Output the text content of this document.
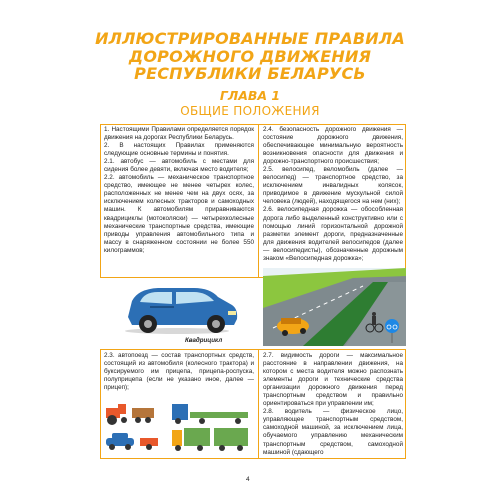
ИЛЛЮСТРИРОВАННЫЕ ПРАВИЛА
ДОРОЖНОГО ДВИЖЕНИЯ
РЕСПУБЛИКИ БЕЛАРУСЬ
ГЛАВА 1
ОБЩИЕ ПОЛОЖЕНИЯ

1. Настоящими Правилами определяется порядок движения на дорогах Республики Беларусь.

2. В настоящих Правилах применяются следующие основные термины и понятия.

2.1. автобус — автомобиль с местами для сидения более девяти, включая место водителя;

2.2. автомобиль — механическое транспортное средство, имеющее не менее четырех колес, расположенных не менее чем на двух осях, за исключением колесных тракторов и самоходных машин. К автомобилям приравниваются квадрициклы (мотоколяски) — четырехколесные механические транспортные средства, имеющие приводы управления автомобильного типа и массу в снаряженном состоянии не более 550 килограммов;

2.4. безопасность дорожного движения — состояние дорожного движения, обеспечивающее минимальную вероятность возникновения опасности для движения и дорожно-транспортного происшествия;

2.5. велосипед, веломобиль (далее — велосипед) — транспортное средство, за исключением инвалидных колясок, приводимое в движение мускульной силой человека (людей), находящегося на нем (них);

2.6. велосипедная дорожка — обособленная дорога либо выделенный конструктивно или с помощью линий горизонтальной дорожной разметки элемент дороги, предназначенные для движения водителей велосипедов (далее — велосипедисты), обозначенные дорожным знаком «Велосипедная дорожка»;

Квадрицикл

2.3. автопоезд — состав транспортных средств, состоящий из автомобиля (колесного трактора) и буксируемого им прицепа, прицепа-роспуска, полуприцепа (если не указано иное, далее — прицеп);

2.7. видимость дороги — максимальное расстояние в направлении движения, на котором с места водителя можно распознать элементы дороги и технические средства организации дорожного движения перед транспортным средством и правильно ориентироваться при управлении им;

2.8. водитель — физическое лицо, управляющее транспортным средством, самоходной машиной, за исключением лица, обучаемого управлению механическим транспортным средством, самоходной машиной (сдающего

4
